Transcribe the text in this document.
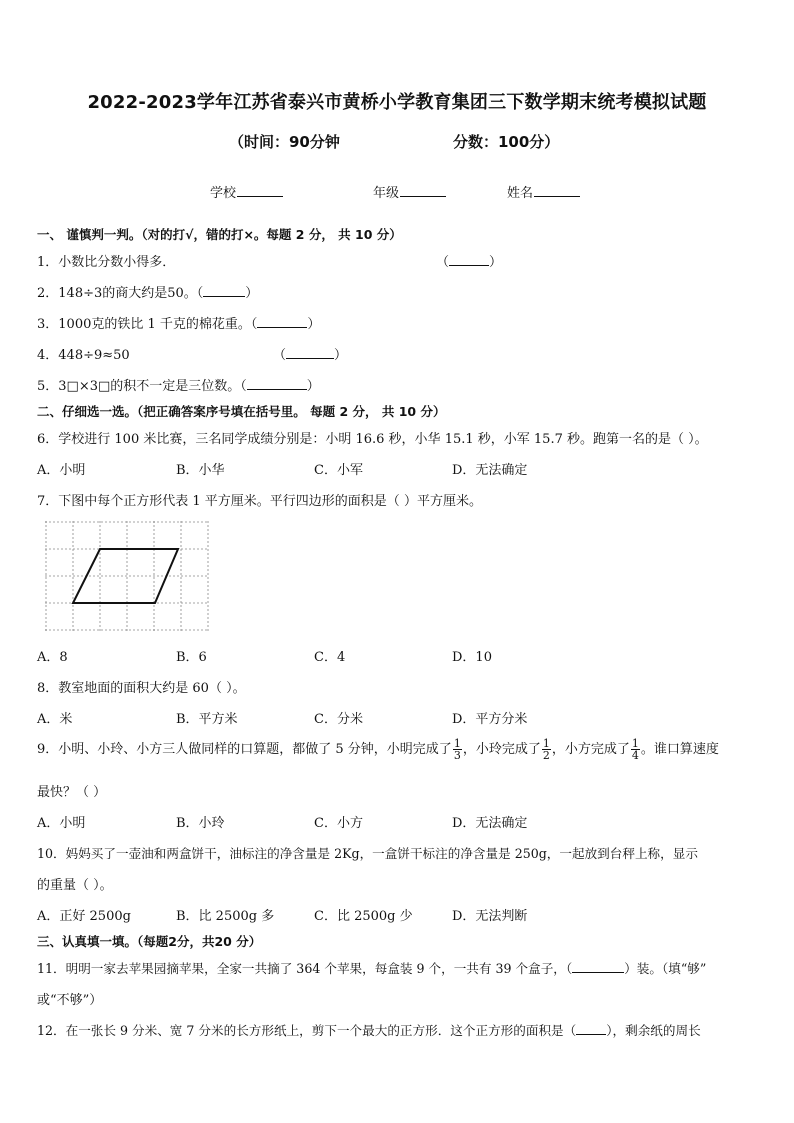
2022-2023学年江苏省泰兴市黄桥小学教育集团三下数学期末统考模拟试题
（时间：90分钟	分数：100分）
学校	年级	姓名
一、 谨慎判一判。（对的打√，错的打×。每题 2 分， 共 10 分）
1．小数比分数小得多．	（	）
2．148÷3的商大约是50。（	）
3．1000克的铁比 1 千克的棉花重。（	）
4．448÷9≈50	（	）
5．3□×3□的积不一定是三位数。（	）
二、仔细选一选。（把正确答案序号填在括号里。 每题 2 分， 共 10 分）
6．学校进行 100 米比赛，三名同学成绩分别是：小明 16.6 秒，小华 15.1 秒，小军 15.7 秒。跑第一名的是（ ）。
A．小明	B．小华	C．小军	D．无法确定
7．下图中每个正方形代表 1 平方厘米。平行四边形的面积是（ ）平方厘米。
A．8	B．6	C．4	D．10
8．教室地面的面积大约是 60（ ）。
A．米	B．平方米	C．分米	D．平方分米
9．小明、小玲、小方三人做同样的口算题，都做了 5 分钟，小明完成了 $\frac{1}{3}$ ，小玲完成了 $\frac{1}{2}$ ，小方完成了 $\frac{1}{4}$ 。谁口算速度
最快？（ ）
A．小明	B．小玲	C．小方	D．无法确定
10．妈妈买了一壶油和两盒饼干，油标注的净含量是 2Kg，一盒饼干标注的净含量是 250g，一起放到台秤上称，显示
的重量（ ）。
A．正好 2500g	B．比 2500g 多	C．比 2500g 少	D．无法判断
三、认真填一填。（每题2分，共20 分）
11．明明一家去苹果园摘苹果，全家一共摘了 364 个苹果，每盒装 9 个，一共有 39 个盒子，（	）装。（填“够”
或“不够”）
12．在一张长 9 分米、宽 7 分米的长方形纸上，剪下一个最大的正方形．这个正方形的面积是（ ），剩余纸的周长
